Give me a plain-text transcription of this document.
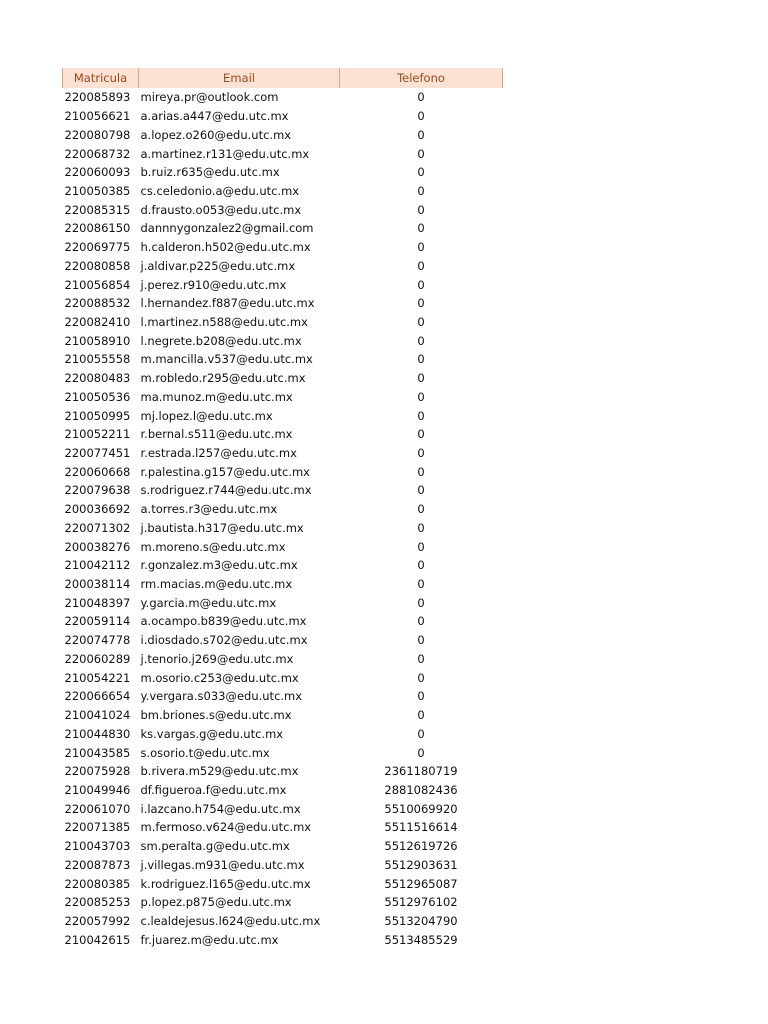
Matricula	Email	Telefono
220085893	mireya.pr@outlook.com	0
210056621	a.arias.a447@edu.utc.mx	0
220080798	a.lopez.o260@edu.utc.mx	0
220068732	a.martinez.r131@edu.utc.mx	0
220060093	b.ruiz.r635@edu.utc.mx	0
210050385	cs.celedonio.a@edu.utc.mx	0
220085315	d.frausto.o053@edu.utc.mx	0
220086150	dannnygonzalez2@gmail.com	0
220069775	h.calderon.h502@edu.utc.mx	0
220080858	j.aldivar.p225@edu.utc.mx	0
210056854	j.perez.r910@edu.utc.mx	0
220088532	l.hernandez.f887@edu.utc.mx	0
220082410	l.martinez.n588@edu.utc.mx	0
210058910	l.negrete.b208@edu.utc.mx	0
210055558	m.mancilla.v537@edu.utc.mx	0
220080483	m.robledo.r295@edu.utc.mx	0
210050536	ma.munoz.m@edu.utc.mx	0
210050995	mj.lopez.l@edu.utc.mx	0
210052211	r.bernal.s511@edu.utc.mx	0
220077451	r.estrada.l257@edu.utc.mx	0
220060668	r.palestina.g157@edu.utc.mx	0
220079638	s.rodriguez.r744@edu.utc.mx	0
200036692	a.torres.r3@edu.utc.mx	0
220071302	j.bautista.h317@edu.utc.mx	0
200038276	m.moreno.s@edu.utc.mx	0
210042112	r.gonzalez.m3@edu.utc.mx	0
200038114	rm.macias.m@edu.utc.mx	0
210048397	y.garcia.m@edu.utc.mx	0
220059114	a.ocampo.b839@edu.utc.mx	0
220074778	i.diosdado.s702@edu.utc.mx	0
220060289	j.tenorio.j269@edu.utc.mx	0
210054221	m.osorio.c253@edu.utc.mx	0
220066654	y.vergara.s033@edu.utc.mx	0
210041024	bm.briones.s@edu.utc.mx	0
210044830	ks.vargas.g@edu.utc.mx	0
210043585	s.osorio.t@edu.utc.mx	0
220075928	b.rivera.m529@edu.utc.mx	2361180719
210049946	df.figueroa.f@edu.utc.mx	2881082436
220061070	i.lazcano.h754@edu.utc.mx	5510069920
220071385	m.fermoso.v624@edu.utc.mx	5511516614
210043703	sm.peralta.g@edu.utc.mx	5512619726
220087873	j.villegas.m931@edu.utc.mx	5512903631
220080385	k.rodriguez.l165@edu.utc.mx	5512965087
220085253	p.lopez.p875@edu.utc.mx	5512976102
220057992	c.lealdejesus.l624@edu.utc.mx	5513204790
210042615	fr.juarez.m@edu.utc.mx	5513485529
